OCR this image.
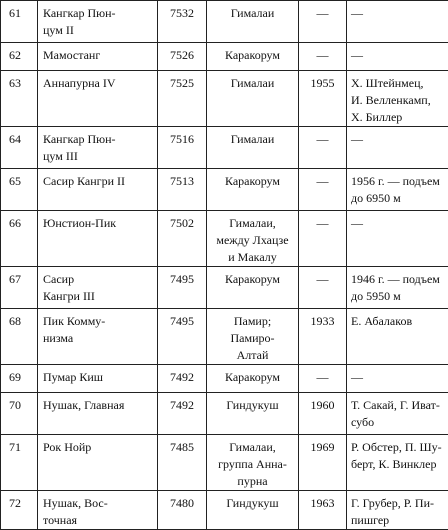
61	Кангкар Пюн-
цум II	7532	Гималаи	—	—

62	Мамостанг	7526	Каракорум	—	—

63	Аннапурна IV	7525	Гималаи	1955	Х. Штейнмец,
И. Велленкамп,
Х. Биллер

64	Кангкар Пюн-
цум III	7516	Гималаи	—	—

65	Сасир Кангри II	7513	Каракорум	—	1956 г. — подъем
до 6950 м

66	Юнстион-Пик	7502	Гималаи,
между Лхацзе
и Макалу	—	—

67	Сасир
Кангри III	7495	Каракорум	—	1946 г. — подъем
до 5950 м

68	Пик Комму-
низма	7495	Памир;
Памиро-
Алтай	1933	Е. Абалаков

69	Пумар Киш	7492	Каракорум	—	—

70	Нушак, Главная	7492	Гиндукуш	1960	Т. Сакай, Г. Иват-
субо

71	Рок Нойр	7485	Гималаи,
группа Анна-
пурна	1969	Р. Обстер, П. Шу-
берт, К. Винклер

72	Нушак, Вос-
точная	7480	Гиндукуш	1963	Г. Грубер, Р. Пи-
пишгер
